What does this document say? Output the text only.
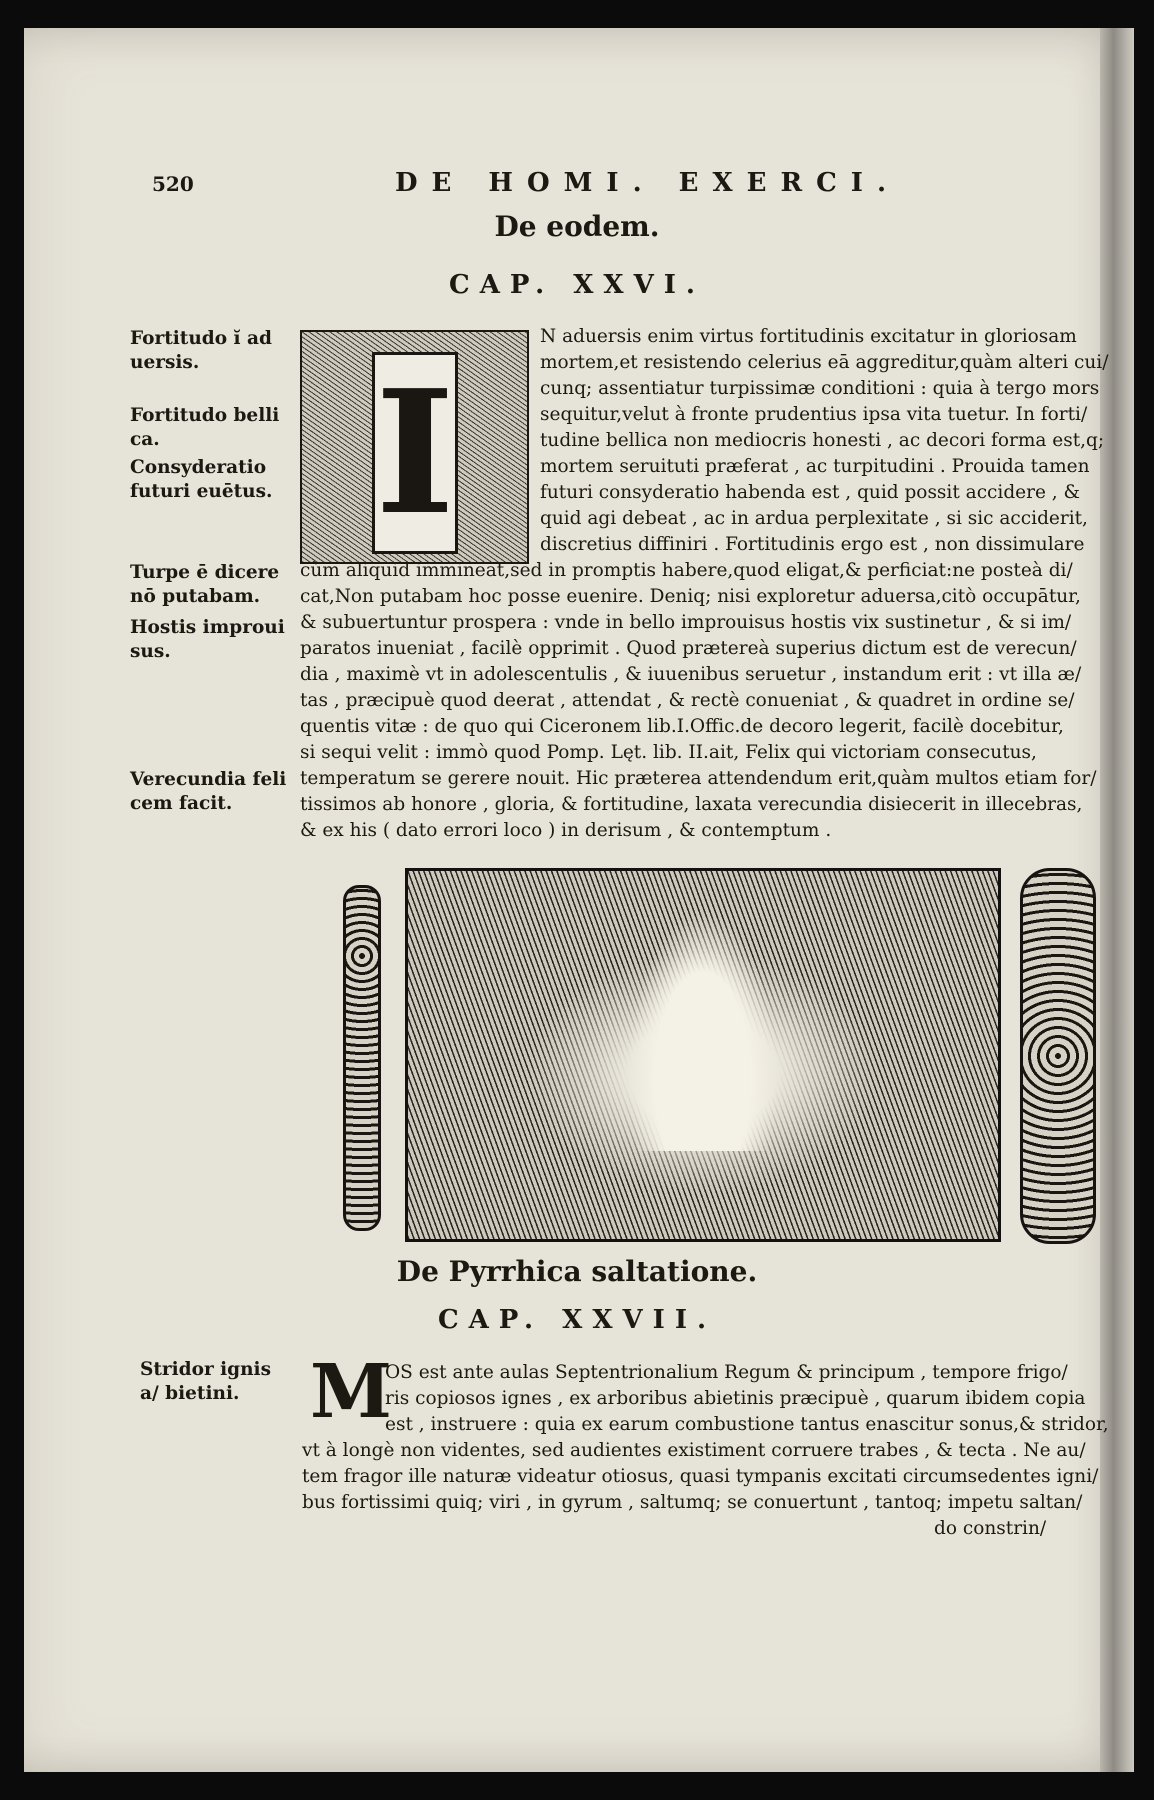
520	DE HOMI. EXERCI.
De eodem.
CAP. XXVI.
Fortitudo ĭ ad uersis.
Fortitudo belli ca.
Consyderatio futuri euētus.
Turpe ē dicere nō putabam.
Hostis improui sus.
Verecundia feli cem facit.
I
N aduersis enim virtus fortitudinis excitatur in gloriosam
mortem,et resistendo celerius eā aggreditur,quàm alteri cui/
cunq; assentiatur turpissimæ conditioni : quia à tergo mors
sequitur,velut à fronte prudentius ipsa vita tuetur. In forti/
tudine bellica non mediocris honesti , ac decori forma est,q;
mortem seruituti præferat , ac turpitudini . Prouida tamen
futuri consyderatio habenda est , quid possit accidere , &
quid agi debeat , ac in ardua perplexitate , si sic acciderit,
discretius diffiniri . Fortitudinis ergo est , non dissimulare
cùm aliquid immineat,sed in promptis habere,quod eligat,& perficiat:ne posteà di/
cat,Non putabam hoc posse euenire. Deniq; nisi exploretur aduersa,citò occupātur,
& subuertuntur prospera : vnde in bello improuisus hostis vix sustinetur , & si im/
paratos inueniat , facilè opprimit . Quod prætereà superius dictum est de verecun/
dia , maximè vt in adolescentulis , & iuuenibus seruetur , instandum erit : vt illa æ/
tas , præcipuè quod deerat , attendat , & rectè conueniat , & quadret in ordine se/
quentis vitæ : de quo qui Ciceronem lib.I.Offic.de decoro legerit, facilè docebitur,
si sequi velit : immò quod Pomp. Lęt. lib. II.ait, Felix qui victoriam consecutus,
temperatum se gerere nouit. Hic præterea attendendum erit,quàm multos etiam for/
tissimos ab honore , gloria, & fortitudine, laxata verecundia disiecerit in illecebras,
& ex his ( dato errori loco ) in derisum , & contemptum .
De Pyrrhica saltatione.
CAP. XXVII.
Stridor ignis a/ bietini. M
OS est ante aulas Septentrionalium Regum & principum , tempore frigo/
ris copiosos ignes , ex arboribus abietinis præcipuè , quarum ibidem copia
est , instruere : quia ex earum combustione tantus enascitur sonus,& stridor,
vt à longè non videntes, sed audientes existiment corruere trabes , & tecta . Ne au/
tem fragor ille naturæ videatur otiosus, quasi tympanis excitati circumsedentes igni/
bus fortissimi quiq; viri , in gyrum , saltumq; se conuertunt , tantoq; impetu saltan/
do constrin/
